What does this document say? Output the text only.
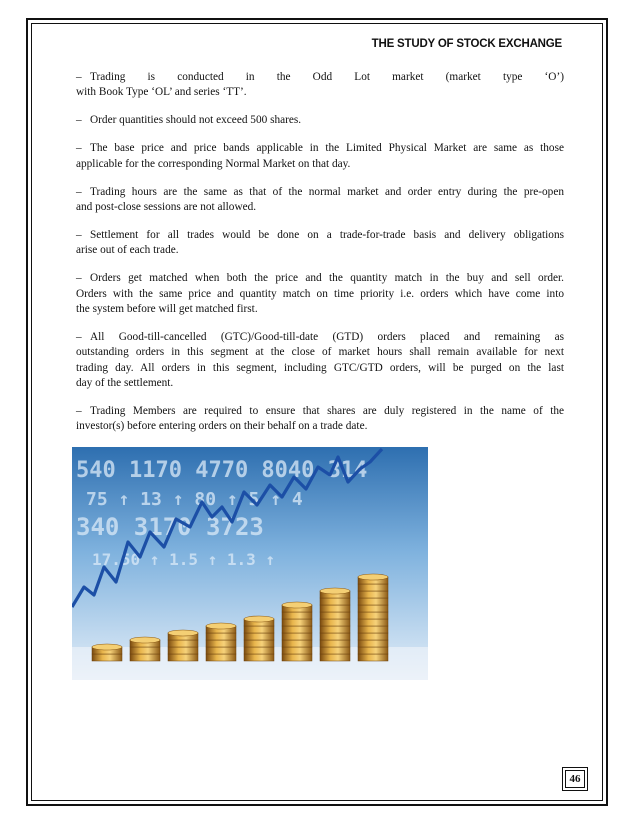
THE STUDY OF STOCK EXCHANGE
‒ Trading is conducted in the Odd Lot market (market type ‘O’)
with Book Type ‘OL’ and series ‘TT’.
‒ Order quantities should not exceed 500 shares.
‒ The base price and price bands applicable in the Limited Physical Market are same as those
applicable for the corresponding Normal Market on that day.
‒ Trading hours are the same as that of the normal market and order entry during the pre-open
and post-close sessions are not allowed.
‒ Settlement for all trades would be done on a trade-for-trade basis and delivery obligations
arise out of each trade.
‒ Orders get matched when both the price and the quantity match in the buy and sell order.
Orders with the same price and quantity match on time priority i.e. orders which have come into
the system before will get matched first.
‒ All Good-till-cancelled (GTC)/Good-till-date (GTD) orders placed and remaining as
outstanding orders in this segment at the close of market hours shall remain available for next
trading day. All orders in this segment, including GTC/GTD orders, will be purged on the last
day of the settlement.
‒ Trading Members are required to ensure that shares are duly registered in the name of the
investor(s) before entering orders on their behalf on a trade date.
540 1170 4770 8040 314
75 ↑ 13 ↑ 80 ↑ 5 ↑ 4
340 3170 3723
17.50 ↑ 1.5 ↑ 1.3 ↑
46
